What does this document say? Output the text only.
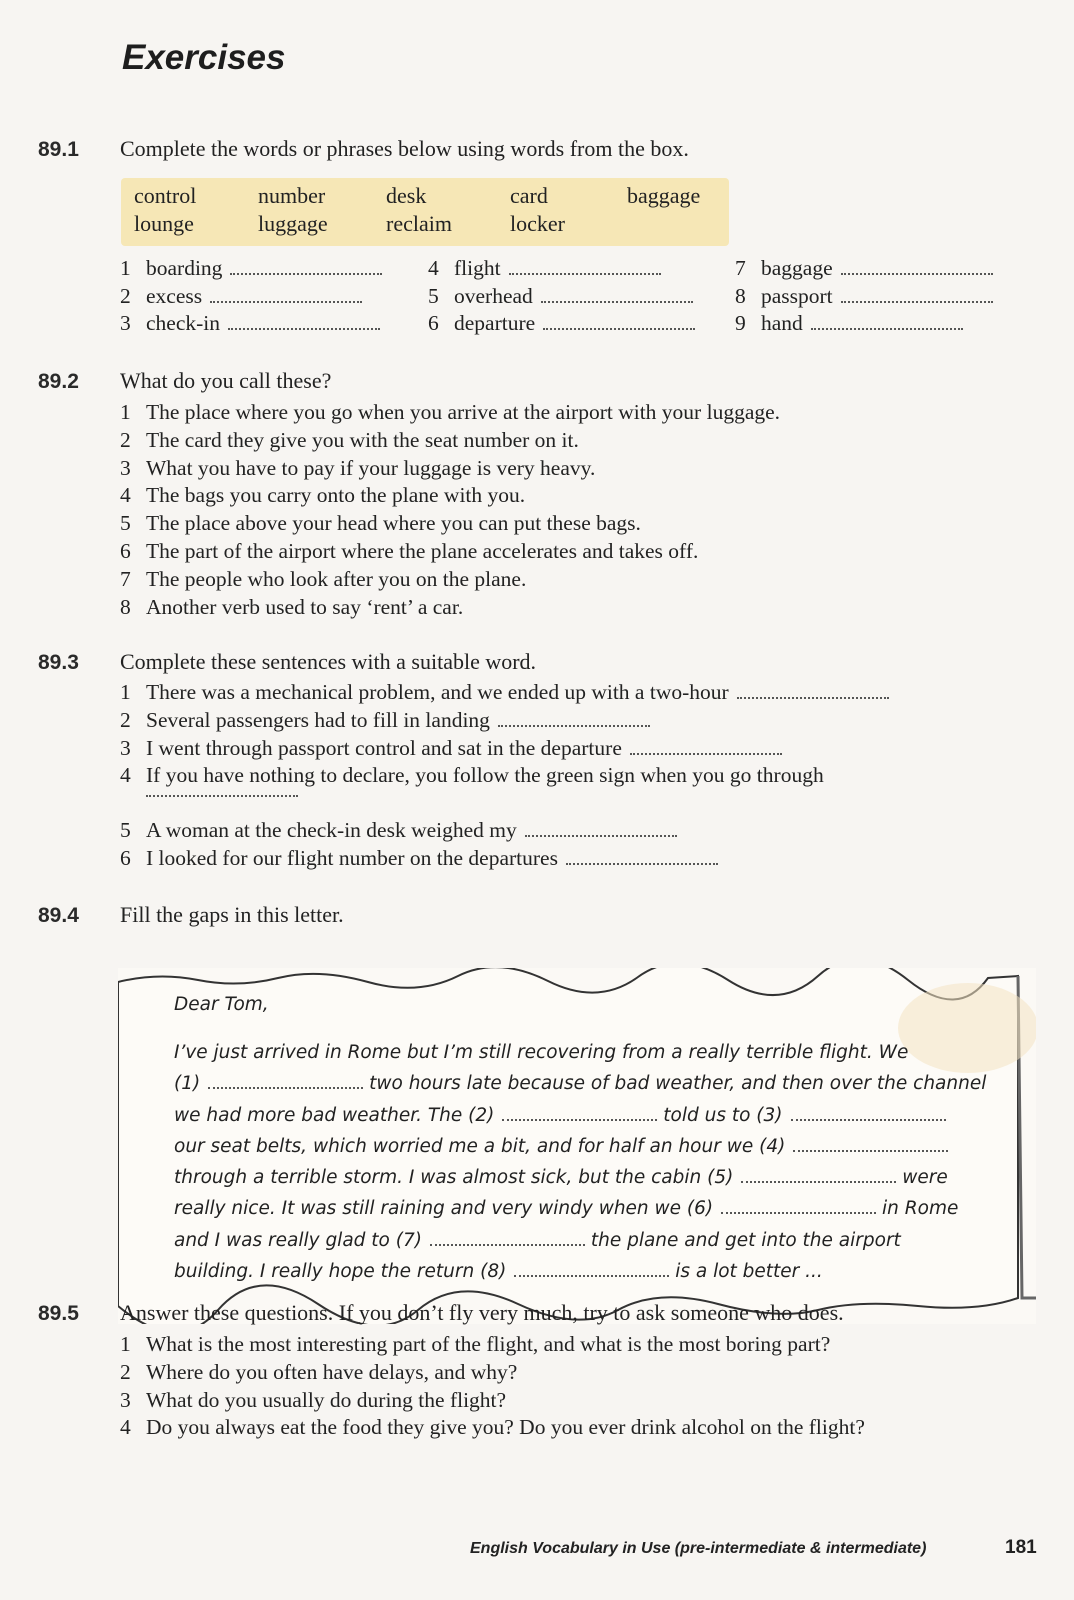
Exercises
89.1 Complete the words or phrases below using words from the box.
control	number	desk	card	baggage
lounge	luggage	reclaim	locker
1 boarding	4 flight	7 baggage
2 excess	5 overhead	8 passport
3 check-in	6 departure	9 hand
89.2 What do you call these?
1 The place where you go when you arrive at the airport with your luggage.
2 The card they give you with the seat number on it.
3 What you have to pay if your luggage is very heavy.
4 The bags you carry onto the plane with you.
5 The place above your head where you can put these bags.
6 The part of the airport where the plane accelerates and takes off.
7 The people who look after you on the plane.
8 Another verb used to say ‘rent’ a car.
89.3 Complete these sentences with a suitable word.
1 There was a mechanical problem, and we ended up with a two-hour
2 Several passengers had to fill in landing
3 I went through passport control and sat in the departure
4 If you have nothing to declare, you follow the green sign when you go through
5 A woman at the check-in desk weighed my
6 I looked for our flight number on the departures
89.4 Fill the gaps in this letter.
Dear Tom,
I’ve just arrived in Rome but I’m still recovering from a really terrible flight. We
(1)	two hours late because of bad weather, and then over the channel
we had more bad weather. The (2)	told us to (3)
our seat belts, which worried me a bit, and for half an hour we (4)
through a terrible storm. I was almost sick, but the cabin (5)	were
really nice. It was still raining and very windy when we (6)	in Rome
and I was really glad to (7)	the plane and get into the airport
building. I really hope the return (8)	is a lot better ...
89.5 Answer these questions. If you don’t fly very much, try to ask someone who does.
1 What is the most interesting part of the flight, and what is the most boring part?
2 Where do you often have delays, and why?
3 What do you usually do during the flight?
4 Do you always eat the food they give you? Do you ever drink alcohol on the flight?
English Vocabulary in Use (pre-intermediate & intermediate)	181
